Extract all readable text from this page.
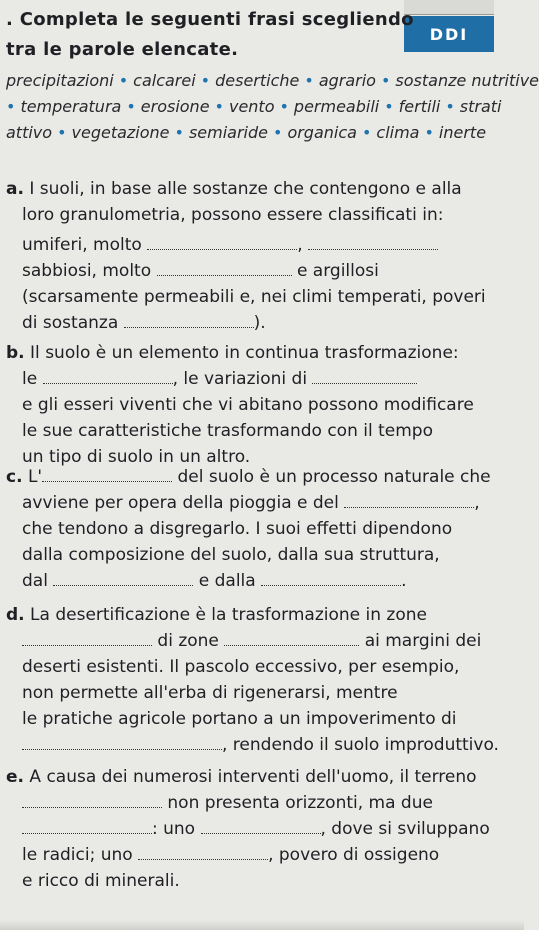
DDI
. Completa le seguenti frasi scegliendo
tra le parole elencate.
precipitazioni • calcarei • desertiche • agrario • sostanze nutritive
• temperatura • erosione • vento • permeabili • fertili • strati
attivo • vegetazione • semiaride • organica • clima • inerte
a. I suoli, in base alle sostanze che contengono e alla
loro granulometria, possono essere classificati in:
umiferi, molto	,
sabbiosi, molto	e argillosi
(scarsamente permeabili e, nei climi temperati, poveri
di sostanza	).
b. Il suolo è un elemento in continua trasformazione:
le	, le variazioni di
e gli esseri viventi che vi abitano possono modificare
le sue caratteristiche trasformando con il tempo
un tipo di suolo in un altro.
c. L'	del suolo è un processo naturale che
avviene per opera della pioggia e del	,
che tendono a disgregarlo. I suoi effetti dipendono
dalla composizione del suolo, dalla sua struttura,
dal	e dalla	.
d. La desertificazione è la trasformazione in zone
di zone	ai margini dei
deserti esistenti. Il pascolo eccessivo, per esempio,
non permette all'erba di rigenerarsi, mentre
le pratiche agricole portano a un impoverimento di
, rendendo il suolo improduttivo.
e. A causa dei numerosi interventi dell'uomo, il terreno
non presenta orizzonti, ma due
: uno	, dove si sviluppano
le radici; uno	, povero di ossigeno
e ricco di minerali.
